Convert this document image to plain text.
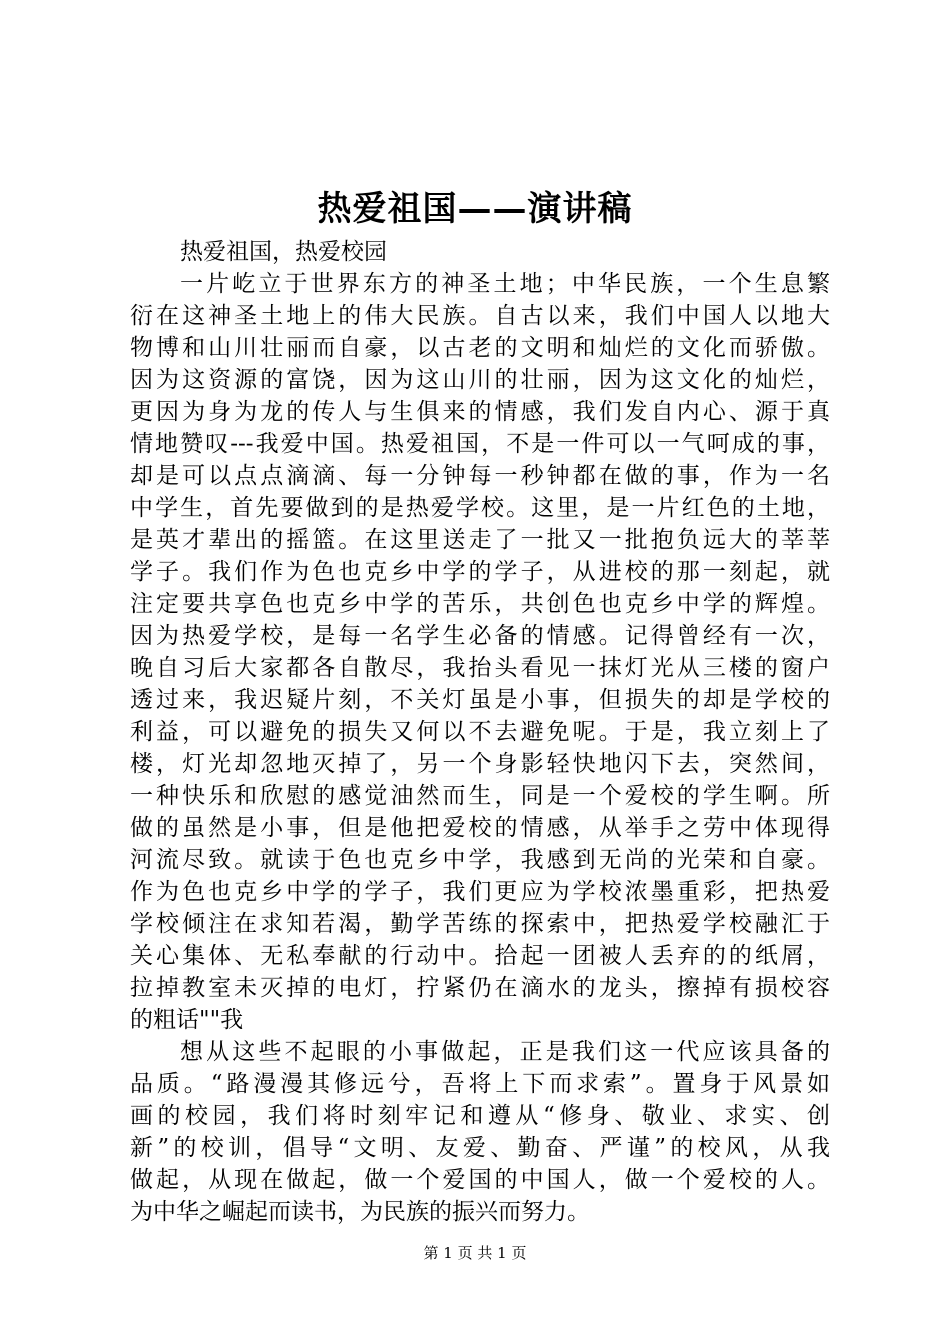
热爱祖国——演讲稿
热爱祖国，热爱校园
一片屹立于世界东方的神圣土地；中华民族，一个生息繁
衍在这神圣土地上的伟大民族。自古以来，我们中国人以地大
物博和山川壮丽而自豪，以古老的文明和灿烂的文化而骄傲。
因为这资源的富饶，因为这山川的壮丽，因为这文化的灿烂，
更因为身为龙的传人与生俱来的情感，我们发自内心、源于真
情地赞叹---我爱中国。热爱祖国，不是一件可以一气呵成的事，
却是可以点点滴滴、每一分钟每一秒钟都在做的事，作为一名
中学生，首先要做到的是热爱学校。这里，是一片红色的土地，
是英才辈出的摇篮。在这里送走了一批又一批抱负远大的莘莘
学子。我们作为色也克乡中学的学子，从进校的那一刻起，就
注定要共享色也克乡中学的苦乐，共创色也克乡中学的辉煌。
因为热爱学校，是每一名学生必备的情感。记得曾经有一次，
晚自习后大家都各自散尽，我抬头看见一抹灯光从三楼的窗户
透过来，我迟疑片刻，不关灯虽是小事，但损失的却是学校的
利益，可以避免的损失又何以不去避免呢。于是，我立刻上了
楼，灯光却忽地灭掉了，另一个身影轻快地闪下去，突然间，
一种快乐和欣慰的感觉油然而生，同是一个爱校的学生啊。所
做的虽然是小事，但是他把爱校的情感，从举手之劳中体现得
河流尽致。就读于色也克乡中学，我感到无尚的光荣和自豪。
作为色也克乡中学的学子，我们更应为学校浓墨重彩，把热爱
学校倾注在求知若渴，勤学苦练的探索中，把热爱学校融汇于
关心集体、无私奉献的行动中。拾起一团被人丢弃的的纸屑，
拉掉教室未灭掉的电灯，拧紧仍在滴水的龙头，擦掉有损校容
的粗话""我
想从这些不起眼的小事做起，正是我们这一代应该具备的
品质。“路漫漫其修远兮，吾将上下而求索”。置身于风景如
画的校园，我们将时刻牢记和遵从“修身、敬业、求实、创
新”的校训，倡导“文明、友爱、勤奋、严谨”的校风，从我
做起，从现在做起，做一个爱国的中国人，做一个爱校的人。
为中华之崛起而读书，为民族的振兴而努力。
第 1 页 共 1 页
